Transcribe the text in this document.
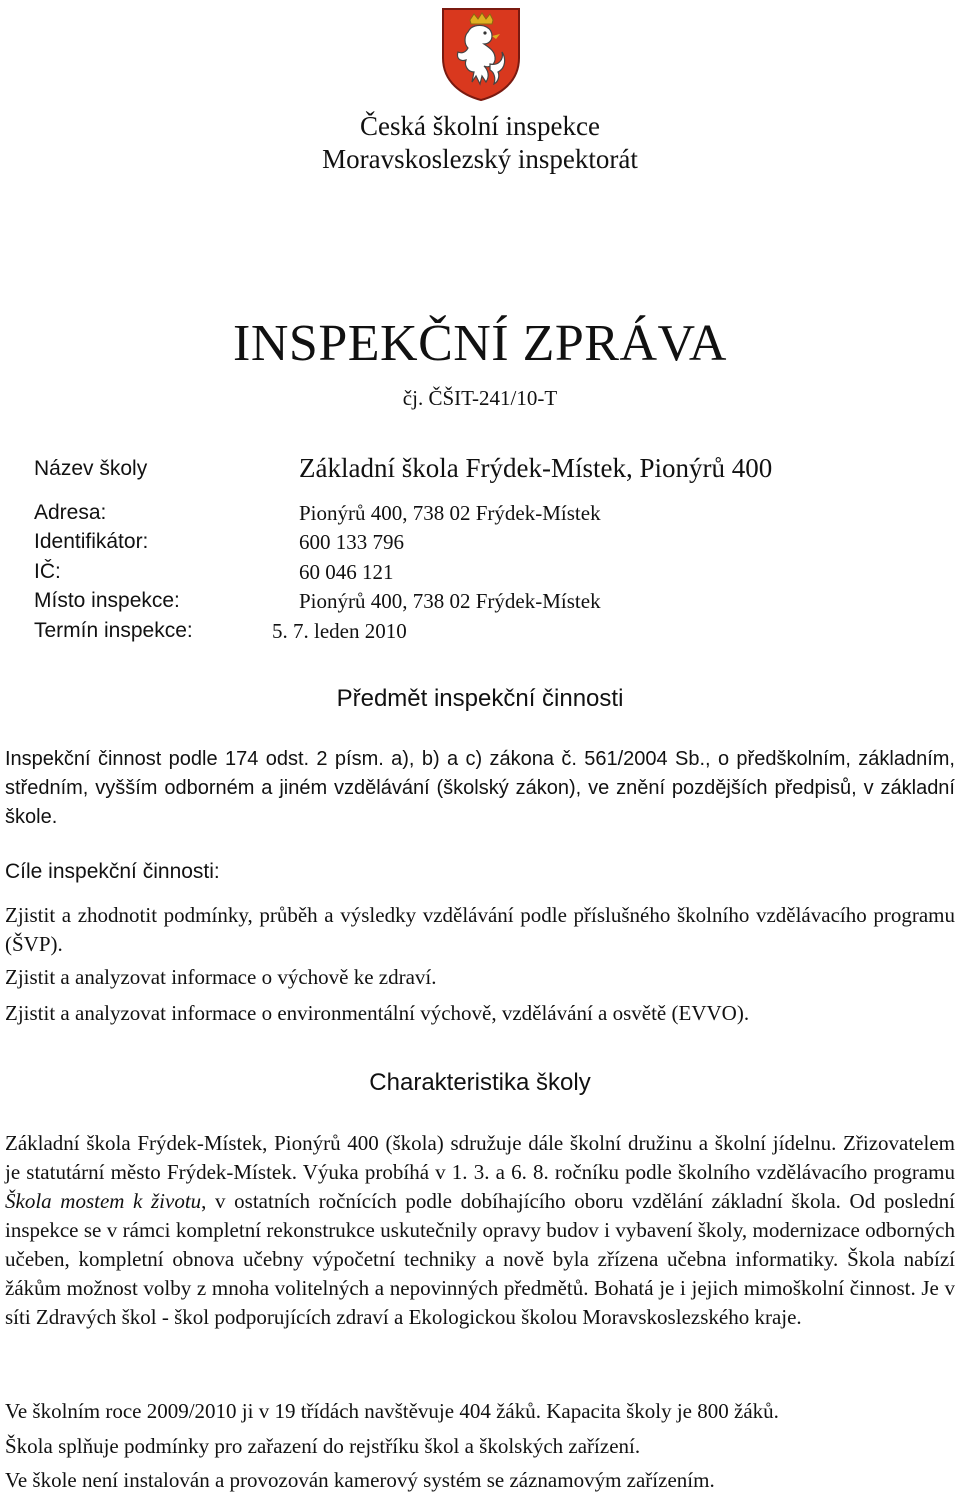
Česká školní inspekce
Moravskoslezský inspektorát
INSPEKČNÍ ZPRÁVA
čj. ČŠIT-241/10-T
Název školy	Základní škola Frýdek-Místek, Pionýrů 400
Adresa:	Pionýrů 400, 738 02 Frýdek-Místek
Identifikátor:	600 133 796
IČ:	60 046 121
Místo inspekce:	Pionýrů 400, 738 02 Frýdek-Místek
Termín inspekce:	5. 7. leden 2010
Předmět inspekční činnosti

Inspekční činnost podle 174 odst. 2 písm. a), b) a c) zákona č. 561/2004 Sb., o předškolním, základním, středním, vyšším odborném a jiném vzdělávání (školský zákon), ve znění pozdějších předpisů, v základní škole.

Cíle inspekční činnosti:

Zjistit a zhodnotit podmínky, průběh a výsledky vzdělávání podle příslušného školního vzdělávacího programu (ŠVP).

Zjistit a analyzovat informace o výchově ke zdraví.

Zjistit a analyzovat informace o environmentální výchově, vzdělávání a osvětě (EVVO).

Charakteristika školy

Základní škola Frýdek-Místek, Pionýrů 400 (škola) sdružuje dále školní družinu a školní jídelnu. Zřizovatelem je statutární město Frýdek-Místek. Výuka probíhá v 1. 3. a 6. 8. ročníku podle školního vzdělávacího programu Škola mostem k životu, v ostatních ročnících podle dobíhajícího oboru vzdělání základní škola. Od poslední inspekce se v rámci kompletní rekonstrukce uskutečnily opravy budov i vybavení školy, modernizace odborných učeben, kompletní obnova učebny výpočetní techniky a nově byla zřízena učebna informatiky. Škola nabízí žákům možnost volby z mnoha volitelných a nepovinných předmětů. Bohatá je i jejich mimoškolní činnost. Je v síti Zdravých škol - škol podporujících zdraví a Ekologickou školou Moravskoslezského kraje.

Ve školním roce 2009/2010 ji v 19 třídách navštěvuje 404 žáků. Kapacita školy je 800 žáků.

Škola splňuje podmínky pro zařazení do rejstříku škol a školských zařízení.

Ve škole není instalován a provozován kamerový systém se záznamovým zařízením.
